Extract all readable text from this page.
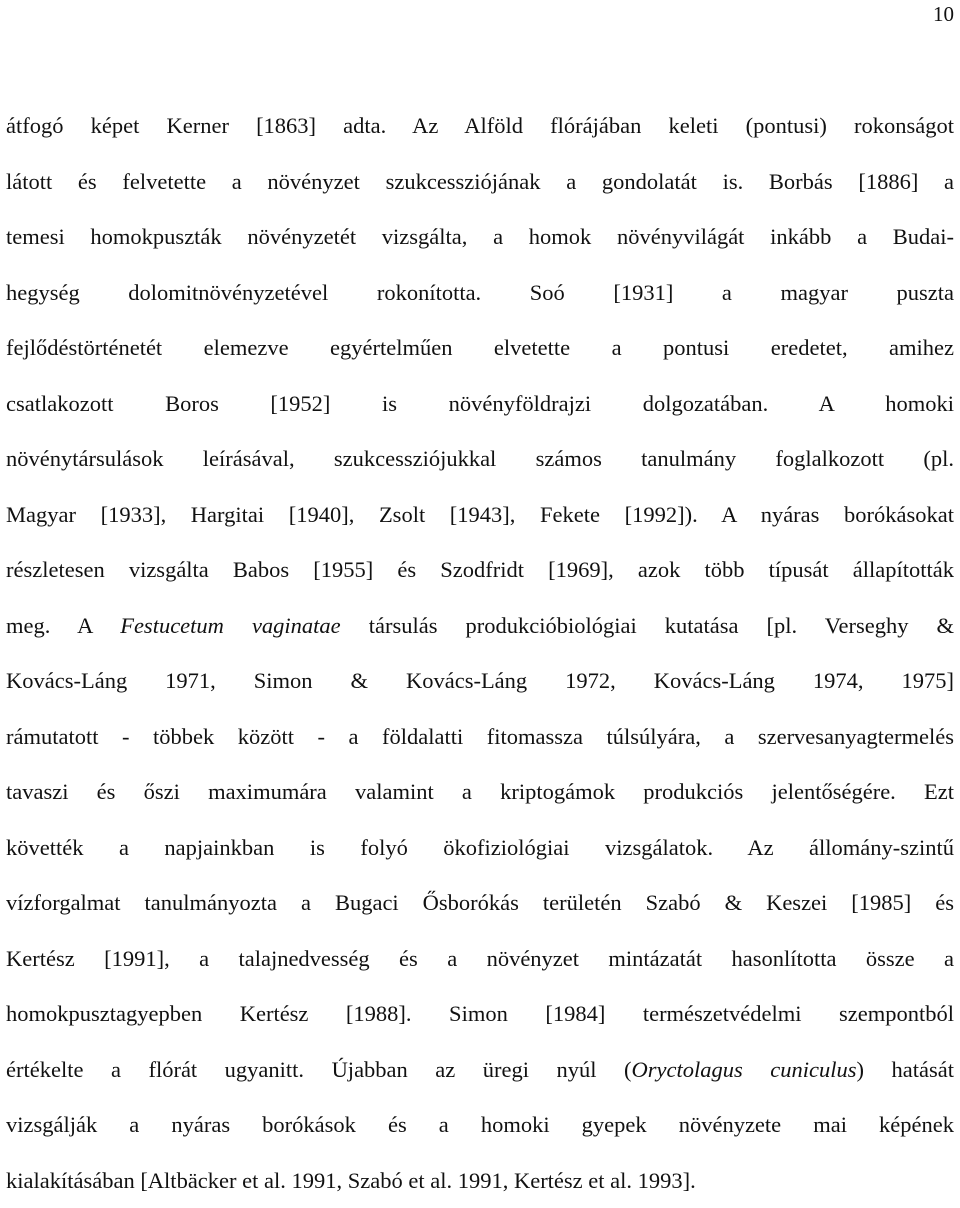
10
átfogó képet Kerner [1863] adta. Az Alföld flórájában keleti (pontusi) rokonságot
látott és felvetette a növényzet szukcessziójának a gondolatát is. Borbás [1886] a
temesi homokpuszták növényzetét vizsgálta, a homok növényvilágát inkább a Budai-
hegység dolomitnövényzetével rokonította. Soó [1931] a magyar puszta
fejlődéstörténetét elemezve egyértelműen elvetette a pontusi eredetet, amihez
csatlakozott Boros [1952] is növényföldrajzi dolgozatában. A homoki
növénytársulások leírásával, szukcessziójukkal számos tanulmány foglalkozott (pl.
Magyar [1933], Hargitai [1940], Zsolt [1943], Fekete [1992]). A nyáras borókásokat
részletesen vizsgálta Babos [1955] és Szodfridt [1969], azok több típusát állapították
meg. A Festucetum vaginatae társulás produkcióbiológiai kutatása [pl. Verseghy &
Kovács-Láng 1971, Simon & Kovács-Láng 1972, Kovács-Láng 1974, 1975]
rámutatott - többek között - a földalatti fitomassza túlsúlyára, a szervesanyagtermelés
tavaszi és őszi maximumára valamint a kriptogámok produkciós jelentőségére. Ezt
követték a napjainkban is folyó ökofiziológiai vizsgálatok. Az állomány-szintű
vízforgalmat tanulmányozta a Bugaci Ősborókás területén Szabó & Keszei [1985] és
Kertész [1991], a talajnedvesség és a növényzet mintázatát hasonlította össze a
homokpusztagyepben Kertész [1988]. Simon [1984] természetvédelmi szempontból
értékelte a flórát ugyanitt. Újabban az üregi nyúl (Oryctolagus cuniculus) hatását
vizsgálják a nyáras borókások és a homoki gyepek növényzete mai képének
kialakításában [Altbäcker et al. 1991, Szabó et al. 1991, Kertész et al. 1993].
